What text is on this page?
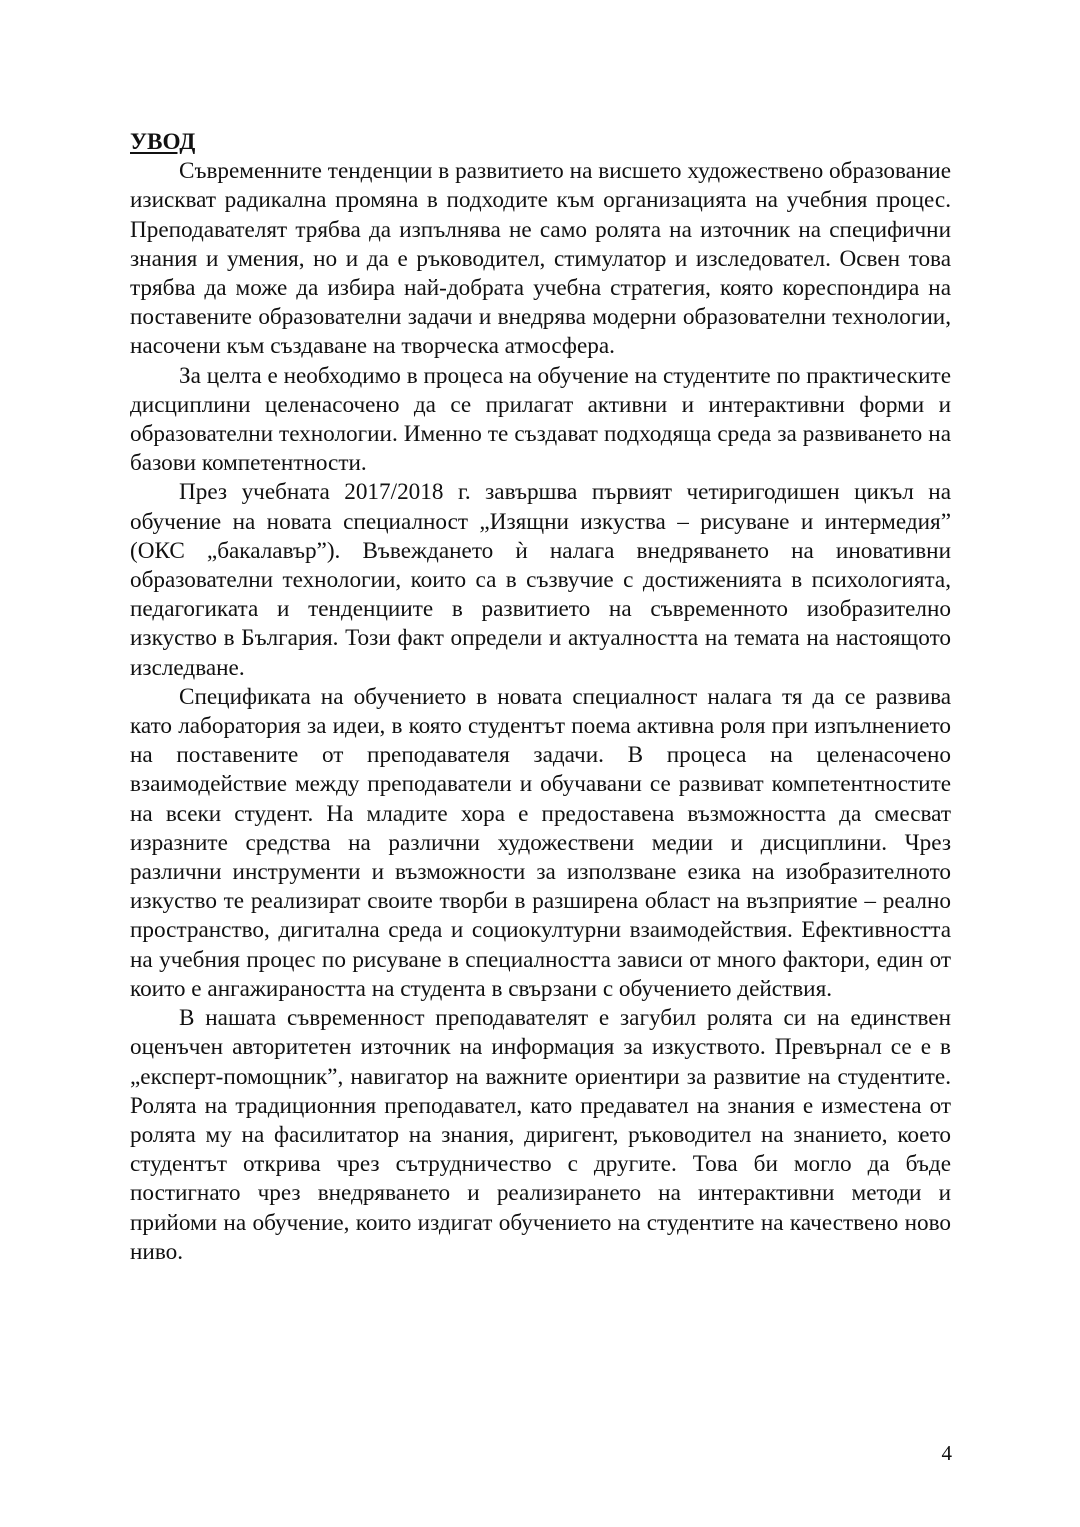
УВОД

Съвременните тенденции в развитието на висшето художествено образование изискват радикална промяна в подходите към организацията на учебния процес. Преподавателят трябва да изпълнява не само ролята на източник на специфични знания и умения, но и да е ръководител, стимулатор и изследовател. Освен това трябва да може да избира най-добрата учебна стратегия, която кореспондира на поставените образователни задачи и внедрява модерни образователни технологии, насочени към създаване на творческа атмосфера.

За целта е необходимо в процеса на обучение на студентите по практическите дисциплини целенасочено да се прилагат активни и интерактивни форми и образователни технологии. Именно те създават подходяща среда за развиването на базови компетентности.

През учебната 2017/2018 г. завършва първият четиригодишен цикъл на обучение на новата специалност „Изящни изкуства – рисуване и интермедия” (ОКС „бакалавър”). Въвеждането ѝ налага внедряването на иновативни образователни технологии, които са в съзвучие с достиженията в психологията, педагогиката и тенденциите в развитието на съвременното изобразително изкуство в България. Този факт определи и актуалността на темата на настоящото изследване.

Спецификата на обучението в новата специалност налага тя да се развива като лаборатория за идеи, в която студентът поема активна роля при изпълнението на поставените от преподавателя задачи. В процеса на целенасочено взаимодействие между преподаватели и обучавани се развиват компетентностите на всеки студент. На младите хора е предоставена възможността да смесват изразните средства на различни художествени медии и дисциплини. Чрез различни инструменти и възможности за използване езика на изобразителното изкуство те реализират своите творби в разширена област на възприятие – реално пространство, дигитална среда и социокултурни взаимодействия. Ефективността на учебния процес по рисуване в специалността зависи от много фактори, един от които е ангажираността на студента в свързани с обучението действия.

В нашата съвременност преподавателят е загубил ролята си на единствен оценъчен авторитетен източник на информация за изкуството. Превърнал се е в „експерт-помощник”, навигатор на важните ориентири за развитие на студентите. Ролята на традиционния преподавател, като предавател на знания е изместена от ролята му на фасилитатор на знания, диригент, ръководител на знанието, което студентът открива чрез сътрудничество с другите. Това би могло да бъде постигнато чрез внедряването и реализирането на интерактивни методи и прийоми на обучение, които издигат обучението на студентите на качествено ново ниво.

4
